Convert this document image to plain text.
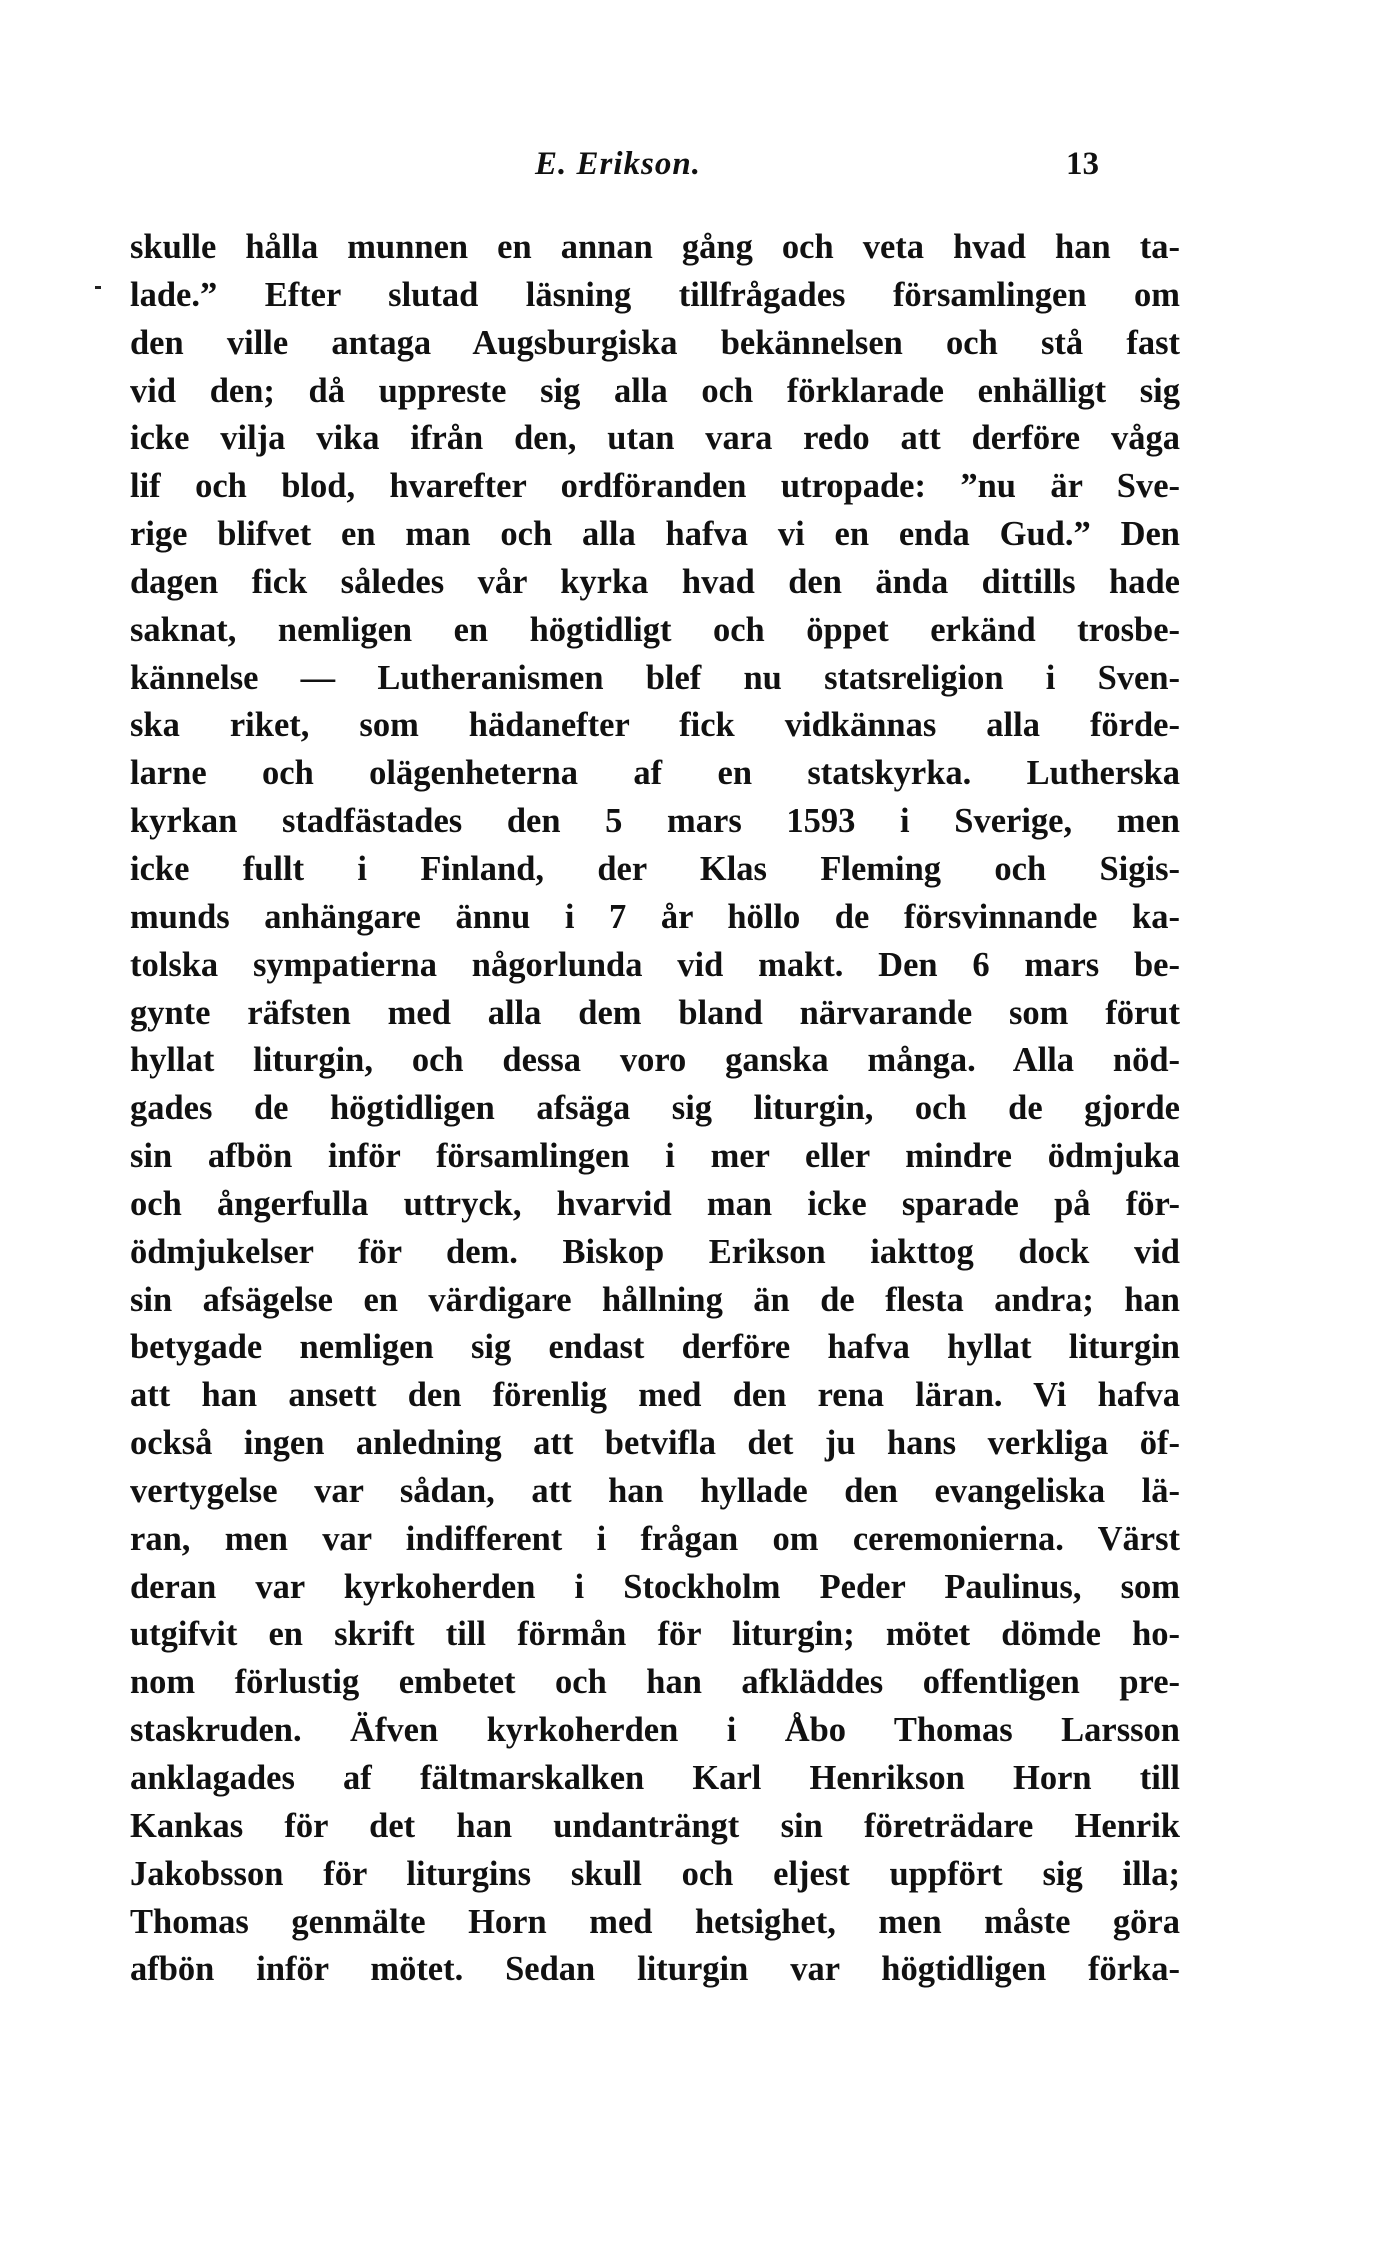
E. Erikson.	13
skulle hålla munnen en annan gång och veta hvad han ta-
lade.” Efter slutad läsning tillfrågades församlingen om
den ville antaga Augsburgiska bekännelsen och stå fast
vid den; då uppreste sig alla och förklarade enhälligt sig
icke vilja vika ifrån den, utan vara redo att derföre våga
lif och blod, hvarefter ordföranden utropade: ”nu är Sve-
rige blifvet en man och alla hafva vi en enda Gud.” Den
dagen fick således vår kyrka hvad den ända dittills hade
saknat, nemligen en högtidligt och öppet erkänd trosbe-
kännelse — Lutheranismen blef nu statsreligion i Sven-
ska riket, som hädanefter fick vidkännas alla förde-
larne och olägenheterna af en statskyrka. Lutherska
kyrkan stadfästades den 5 mars 1593 i Sverige, men
icke fullt i Finland, der Klas Fleming och Sigis-
munds anhängare ännu i 7 år höllo de försvinnande ka-
tolska sympatierna någorlunda vid makt. Den 6 mars be-
gynte räfsten med alla dem bland närvarande som förut
hyllat liturgin, och dessa voro ganska många. Alla nöd-
gades de högtidligen afsäga sig liturgin, och de gjorde
sin afbön inför församlingen i mer eller mindre ödmjuka
och ångerfulla uttryck, hvarvid man icke sparade på för-
ödmjukelser för dem. Biskop Erikson iakttog dock vid
sin afsägelse en värdigare hållning än de flesta andra; han
betygade nemligen sig endast derföre hafva hyllat liturgin
att han ansett den förenlig med den rena läran. Vi hafva
också ingen anledning att betvifla det ju hans verkliga öf-
vertygelse var sådan, att han hyllade den evangeliska lä-
ran, men var indifferent i frågan om ceremonierna. Värst
deran var kyrkoherden i Stockholm Peder Paulinus, som
utgifvit en skrift till förmån för liturgin; mötet dömde ho-
nom förlustig embetet och han afkläddes offentligen pre-
staskruden. Äfven kyrkoherden i Åbo Thomas Larsson
anklagades af fältmarskalken Karl Henrikson Horn till
Kankas för det han undanträngt sin företrädare Henrik
Jakobsson för liturgins skull och eljest uppfört sig illa;
Thomas genmälte Horn med hetsighet, men måste göra
afbön inför mötet. Sedan liturgin var högtidligen förka-
